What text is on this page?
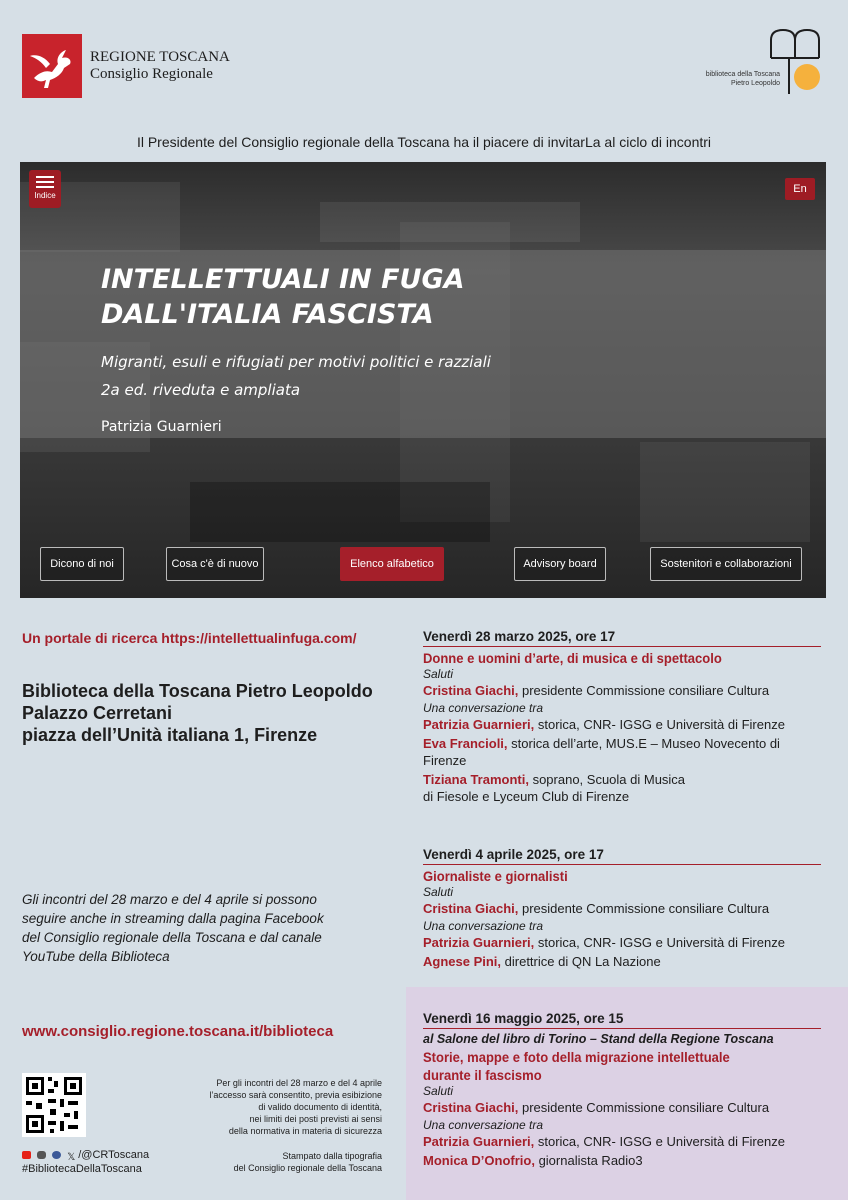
REGIONE TOSCANA
Consiglio Regionale	biblioteca della Toscana
Pietro Leopoldo
Il Presidente del Consiglio regionale della Toscana ha il piacere di invitarLa al ciclo di incontri
Indice
En
INTELLETTUALI IN FUGA
DALL'ITALIA FASCISTA
Migranti, esuli e rifugiati per motivi politici e razziali
2a ed. riveduta e ampliata
Patrizia Guarnieri
Dicono di noi	Cosa c'è di nuovo	Elenco alfabetico	Advisory board	Sostenitori e collaborazioni
Un portale di ricerca https://intellettualinfuga.com/
Biblioteca della Toscana Pietro Leopoldo
Palazzo Cerretani
piazza dell’Unità italiana 1, Firenze
Gli incontri del 28 marzo e del 4 aprile si possono
seguire anche in streaming dalla pagina Facebook
del Consiglio regionale della Toscana e dal canale
YouTube della Biblioteca
www.consiglio.regione.toscana.it/biblioteca
𝕏 /@CRToscana
#BibliotecaDellaToscana
Per gli incontri del 28 marzo e del 4 aprile
l’accesso sarà consentito, previa esibizione
di valido documento di identità,
nei limiti dei posti previsti ai sensi
della normativa in materia di sicurezza
Stampato dalla tipografia
del Consiglio regionale della Toscana
Venerdì 28 marzo 2025, ore 17
Donne e uomini d’arte, di musica e di spettacolo
Saluti
Cristina Giachi, presidente Commissione consiliare Cultura
Una conversazione tra
Patrizia Guarnieri, storica, CNR- IGSG e Università di Firenze
Eva Francioli, storica dell’arte, MUS.E – Museo Novecento di Firenze
Tiziana Tramonti, soprano, Scuola di Musica
di Fiesole e Lyceum Club di Firenze
Venerdì 4 aprile 2025, ore 17
Giornaliste e giornalisti
Saluti
Cristina Giachi, presidente Commissione consiliare Cultura
Una conversazione tra
Patrizia Guarnieri, storica, CNR- IGSG e Università di Firenze
Agnese Pini, direttrice di QN La Nazione
Venerdì 16 maggio 2025, ore 15
al Salone del libro di Torino – Stand della Regione Toscana
Storie, mappe e foto della migrazione intellettuale
durante il fascismo
Saluti
Cristina Giachi, presidente Commissione consiliare Cultura
Una conversazione tra
Patrizia Guarnieri, storica, CNR- IGSG e Università di Firenze
Monica D’Onofrio, giornalista Radio3
